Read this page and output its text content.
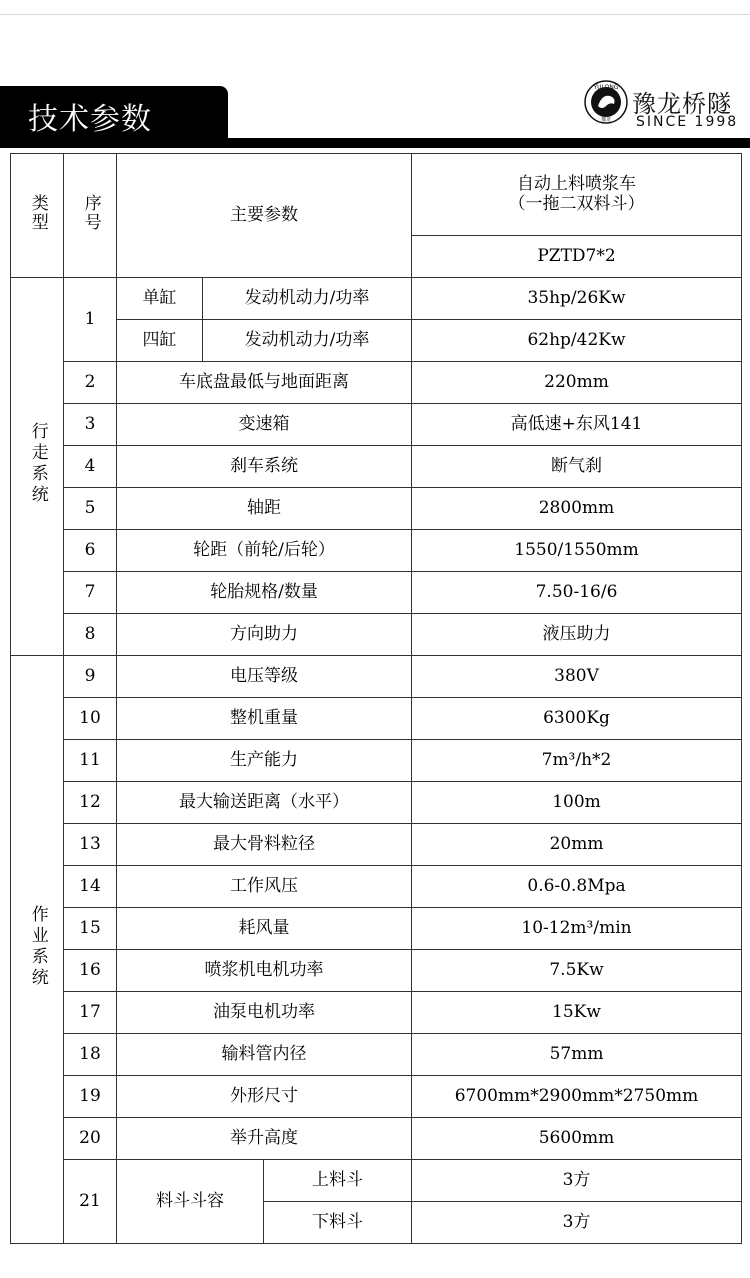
技术参数
YULONG
豫龙
豫龙桥隧
SINCE 1998
类型	序号	主要参数			自动上料喷浆车
（一拖二双料斗）

					PZTD7*2
行走系统	1	单缸	发动机动力/功率		35hp/26Kw
		四缸	发动机动力/功率		62hp/42Kw
	2	车底盘最低与地面距离			220mm
	3	变速箱			高低速+东风141
	4	刹车系统			断气刹
	5	轴距			2800mm
	6	轮距（前轮/后轮）			1550/1550mm
	7	轮胎规格/数量			7.50-16/6
	8	方向助力			液压助力
作业系统	9	电压等级			380V
	10	整机重量			6300Kg
	11	生产能力			7m³/h*2
	12	最大输送距离（水平）			100m
	13	最大骨料粒径			20mm
	14	工作风压			0.6-0.8Mpa
	15	耗风量			10-12m³/min
	16	喷浆机电机功率			7.5Kw
	17	油泵电机功率			15Kw
	18	输料管内径			57mm
	19	外形尺寸			6700mm*2900mm*2750mm
	20	举升高度			5600mm
	21	料斗斗容		上料斗	3方
				下料斗	3方
